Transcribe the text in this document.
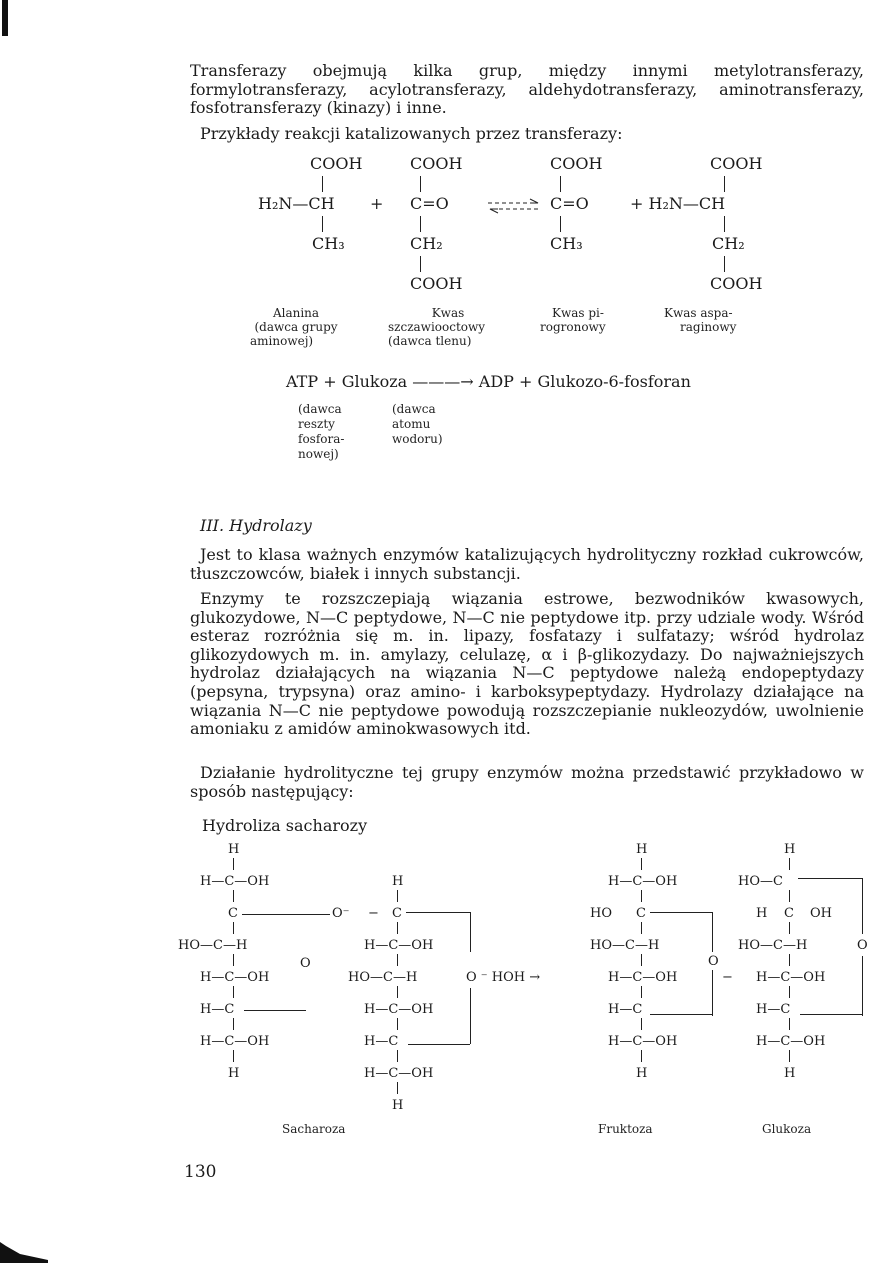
Transferazy obejmują kilka grup, między innymi metylotransferazy, formylotransferazy, acylotransferazy, aldehydotransferazy, aminotransferazy, fosfotransferazy (kinazy) i inne.
Przykłady reakcji katalizowanych przez transferazy:
COOH
H₂N—CH
CH₃
+
COOH
C=O
CH₂
COOH
COOH
C=O
CH₃
COOH
+ H₂N—CH
CH₂
COOH
Alanina
(dawca grupy
aminowej)
Kwas
szczawiooctowy
(dawca tlenu)
Kwas pi-
rogronowy
Kwas aspa-
raginowy
ATP + Glukoza ———→ ADP + Glukozo-6-fosforan
(dawca
reszty
fosfora-
nowej)
(dawca
atomu
wodoru)
III. Hydrolazy
Jest to klasa ważnych enzymów katalizujących hydrolityczny rozkład cukrowców, tłuszczowców, białek i innych substancji.
Enzymy te rozszczepiają wiązania estrowe, bezwodników kwasowych, glukozydowe, N—C peptydowe, N—C nie peptydowe itp. przy udziale wody. Wśród esteraz rozróżnia się m. in. lipazy, fosfatazy i sulfatazy; wśród hydrolaz glikozydowych m. in. amylazy, celulazę, α i β-glikozydazy. Do najważniejszych hydrolaz działających na wiązania N—C peptydowe należą endopeptydazy (pepsyna, trypsyna) oraz amino- i karboksypeptydazy. Hydrolazy działające na wiązania N—C nie peptydowe powodują rozszczepianie nukleozydów, uwolnienie amoniaku z amidów aminokwasowych itd.
Działanie hydrolityczne tej grupy enzymów można przedstawić przykładowo w sposób następujący:
Hydroliza sacharozy
H
H—C—OH
C	O⁻
HO—C—H
O
H—C—OH
H—C
H—C—OH
H
H
− C
H—C—OH
HO—C—H	O ⁻ HOH →
H—C—OH
H—C
H—C—OH
H
H
H—C—OH
HO C
HO—C—H
O
H—C—OH	−
H—C
H—C—OH
H
H
HO—C
H C OH
HO—C—H	O
H—C—OH
H—C
H—C—OH
H
Sacharoza	Fruktoza	Glukoza
130
